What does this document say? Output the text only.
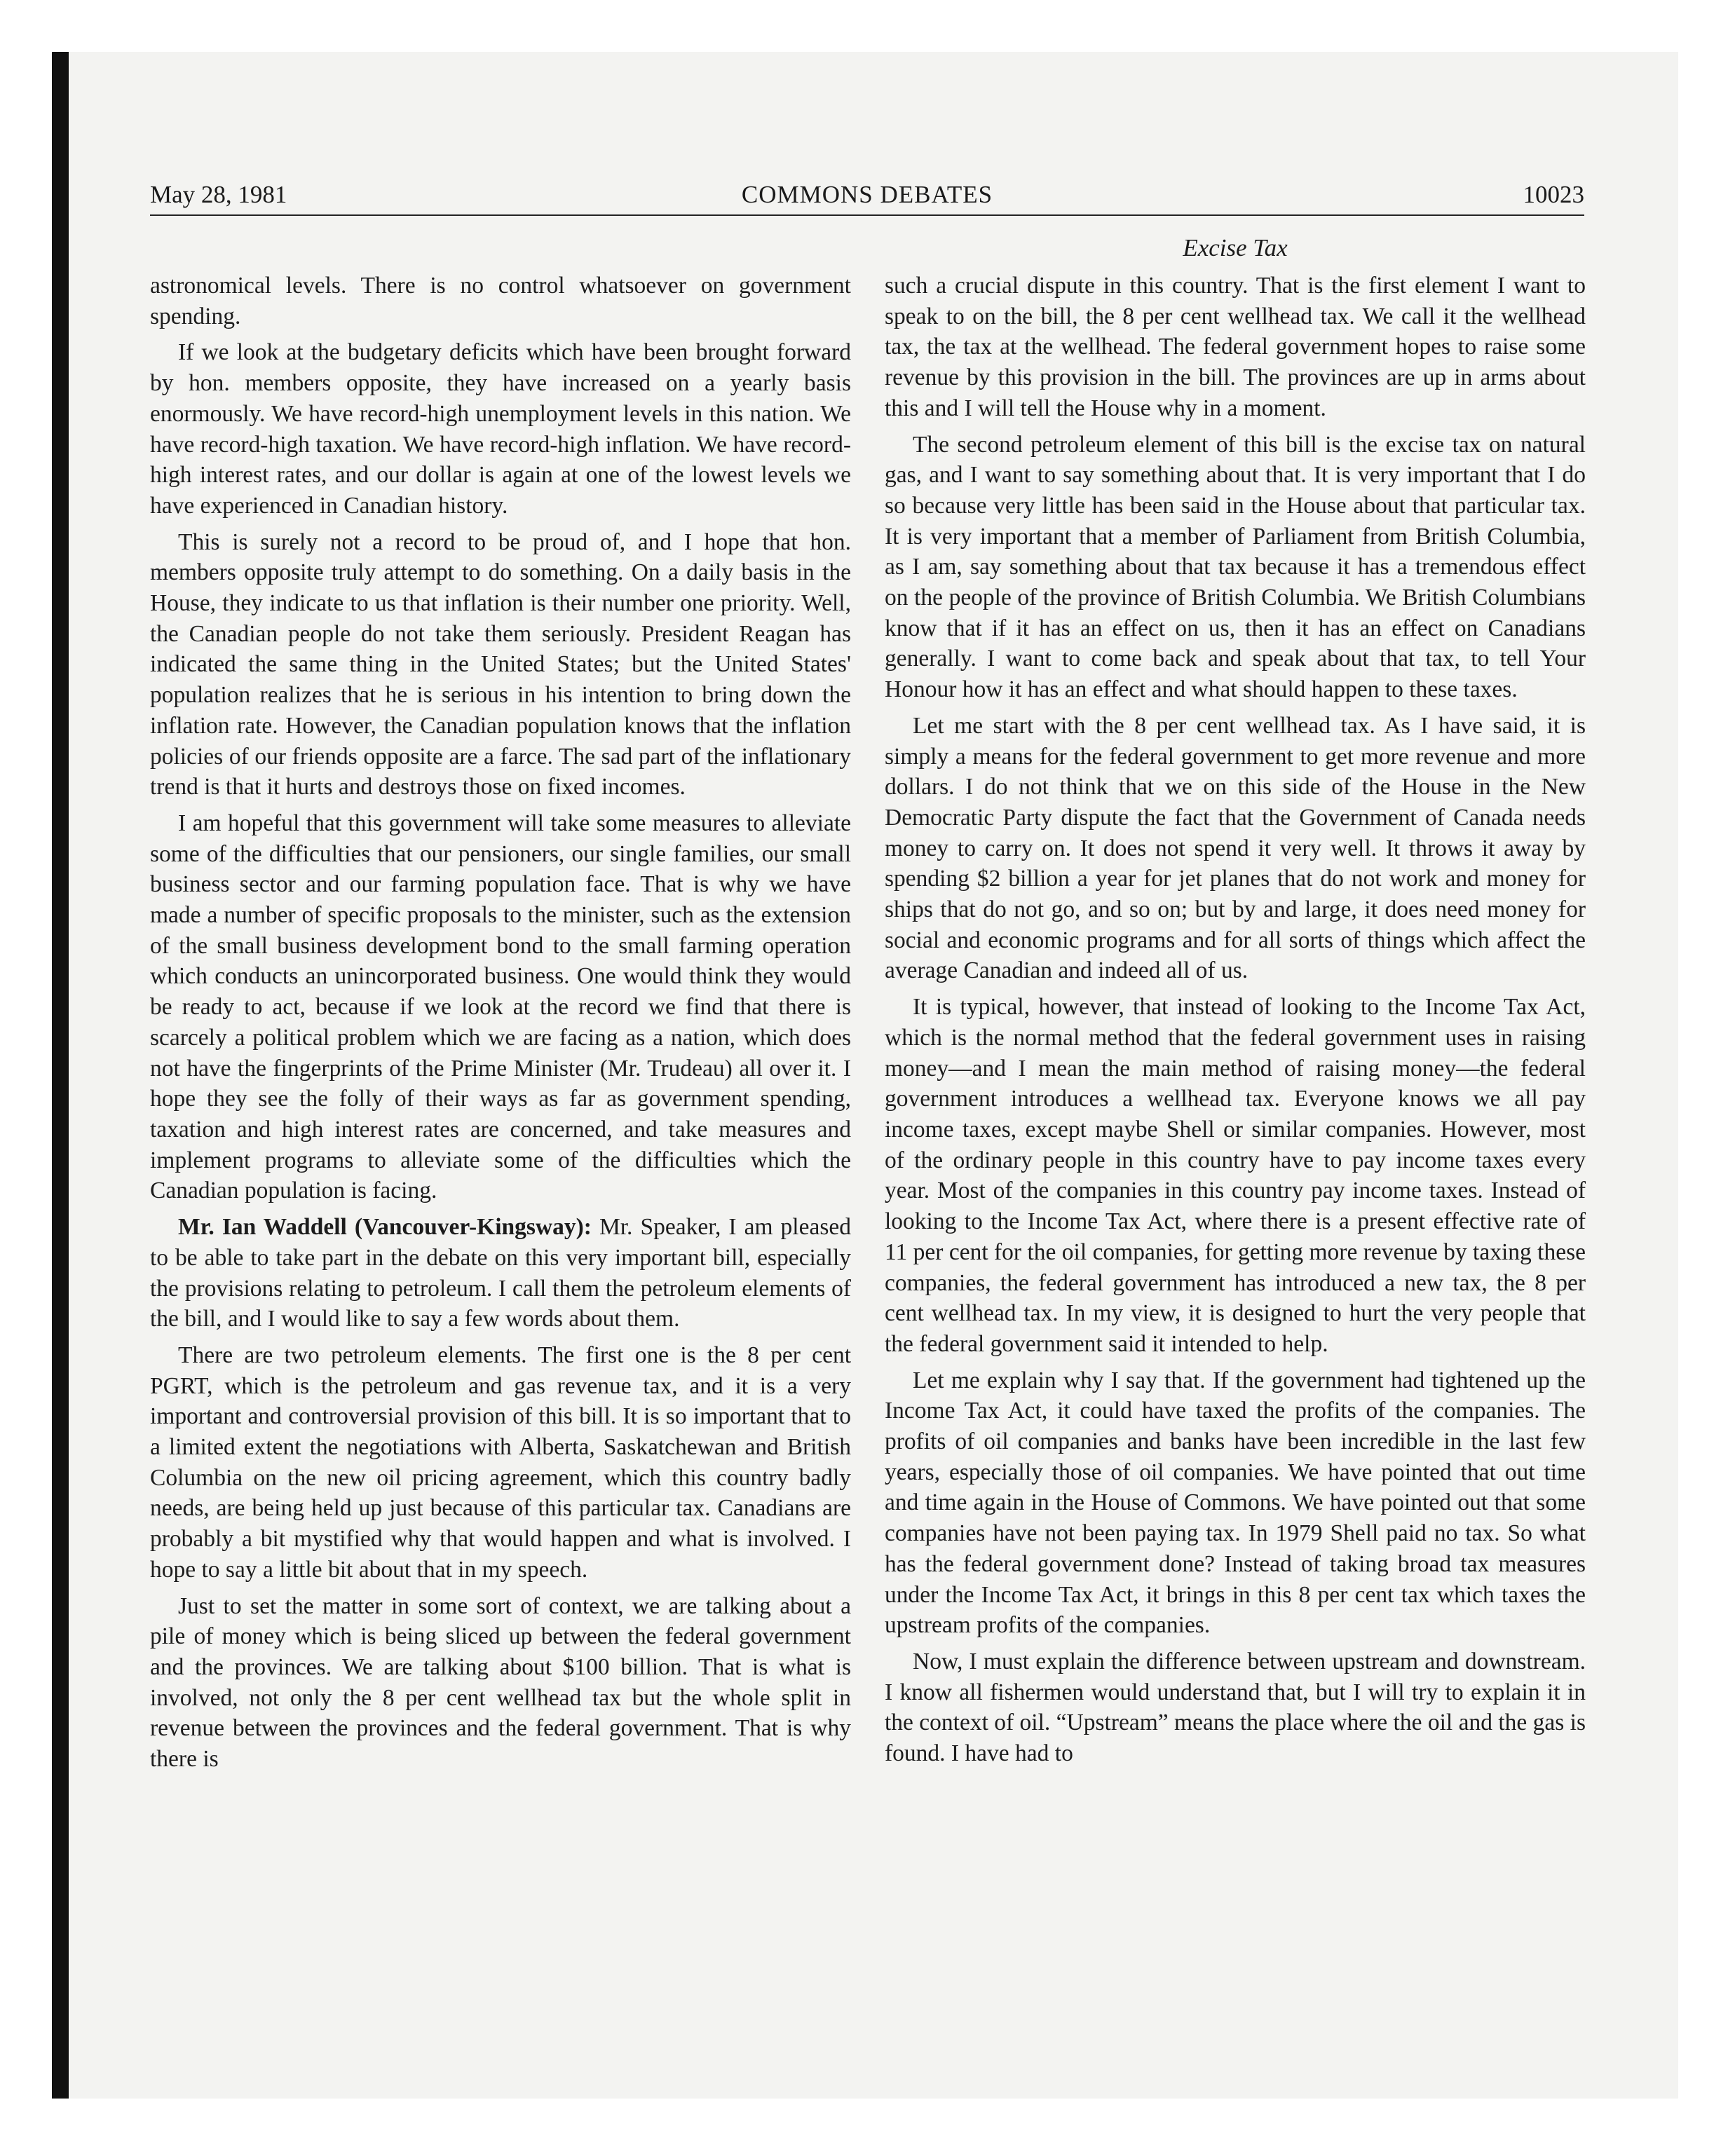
May 28, 1981	COMMONS DEBATES	10023
Excise Tax

astronomical levels. There is no control whatsoever on government spending.

If we look at the budgetary deficits which have been brought forward by hon. members opposite, they have increased on a yearly basis enormously. We have record-high unemployment levels in this nation. We have record-high taxation. We have record-high inflation. We have record-high interest rates, and our dollar is again at one of the lowest levels we have experienced in Canadian history.

This is surely not a record to be proud of, and I hope that hon. members opposite truly attempt to do something. On a daily basis in the House, they indicate to us that inflation is their number one priority. Well, the Canadian people do not take them seriously. President Reagan has indicated the same thing in the United States; but the United States' population realizes that he is serious in his intention to bring down the inflation rate. However, the Canadian population knows that the inflation policies of our friends opposite are a farce. The sad part of the inflationary trend is that it hurts and destroys those on fixed incomes.

I am hopeful that this government will take some measures to alleviate some of the difficulties that our pensioners, our single families, our small business sector and our farming population face. That is why we have made a number of specific proposals to the minister, such as the extension of the small business development bond to the small farming operation which conducts an unincorporated business. One would think they would be ready to act, because if we look at the record we find that there is scarcely a political problem which we are facing as a nation, which does not have the fingerprints of the Prime Minister (Mr. Trudeau) all over it. I hope they see the folly of their ways as far as government spending, taxation and high interest rates are concerned, and take measures and implement programs to alleviate some of the difficulties which the Canadian population is facing.

Mr. Ian Waddell (Vancouver-Kingsway): Mr. Speaker, I am pleased to be able to take part in the debate on this very important bill, especially the provisions relating to petroleum. I call them the petroleum elements of the bill, and I would like to say a few words about them.

There are two petroleum elements. The first one is the 8 per cent PGRT, which is the petroleum and gas revenue tax, and it is a very important and controversial provision of this bill. It is so important that to a limited extent the negotiations with Alberta, Saskatchewan and British Columbia on the new oil pricing agreement, which this country badly needs, are being held up just because of this particular tax. Canadians are probably a bit mystified why that would happen and what is involved. I hope to say a little bit about that in my speech.

Just to set the matter in some sort of context, we are talking about a pile of money which is being sliced up between the federal government and the provinces. We are talking about $100 billion. That is what is involved, not only the 8 per cent wellhead tax but the whole split in revenue between the provinces and the federal government. That is why there is

such a crucial dispute in this country. That is the first element I want to speak to on the bill, the 8 per cent wellhead tax. We call it the wellhead tax, the tax at the wellhead. The federal government hopes to raise some revenue by this provision in the bill. The provinces are up in arms about this and I will tell the House why in a moment.

The second petroleum element of this bill is the excise tax on natural gas, and I want to say something about that. It is very important that I do so because very little has been said in the House about that particular tax. It is very important that a member of Parliament from British Columbia, as I am, say something about that tax because it has a tremendous effect on the people of the province of British Columbia. We British Columbians know that if it has an effect on us, then it has an effect on Canadians generally. I want to come back and speak about that tax, to tell Your Honour how it has an effect and what should happen to these taxes.

Let me start with the 8 per cent wellhead tax. As I have said, it is simply a means for the federal government to get more revenue and more dollars. I do not think that we on this side of the House in the New Democratic Party dispute the fact that the Government of Canada needs money to carry on. It does not spend it very well. It throws it away by spending $2 billion a year for jet planes that do not work and money for ships that do not go, and so on; but by and large, it does need money for social and economic programs and for all sorts of things which affect the average Canadian and indeed all of us.

It is typical, however, that instead of looking to the Income Tax Act, which is the normal method that the federal government uses in raising money—and I mean the main method of raising money—the federal government introduces a wellhead tax. Everyone knows we all pay income taxes, except maybe Shell or similar companies. However, most of the ordinary people in this country have to pay income taxes every year. Most of the companies in this country pay income taxes. Instead of looking to the Income Tax Act, where there is a present effective rate of 11 per cent for the oil companies, for getting more revenue by taxing these companies, the federal government has introduced a new tax, the 8 per cent wellhead tax. In my view, it is designed to hurt the very people that the federal government said it intended to help.

Let me explain why I say that. If the government had tightened up the Income Tax Act, it could have taxed the profits of the companies. The profits of oil companies and banks have been incredible in the last few years, especially those of oil companies. We have pointed that out time and time again in the House of Commons. We have pointed out that some companies have not been paying tax. In 1979 Shell paid no tax. So what has the federal government done? Instead of taking broad tax measures under the Income Tax Act, it brings in this 8 per cent tax which taxes the upstream profits of the companies.

Now, I must explain the difference between upstream and downstream. I know all fishermen would understand that, but I will try to explain it in the context of oil. “Upstream” means the place where the oil and the gas is found. I have had to
